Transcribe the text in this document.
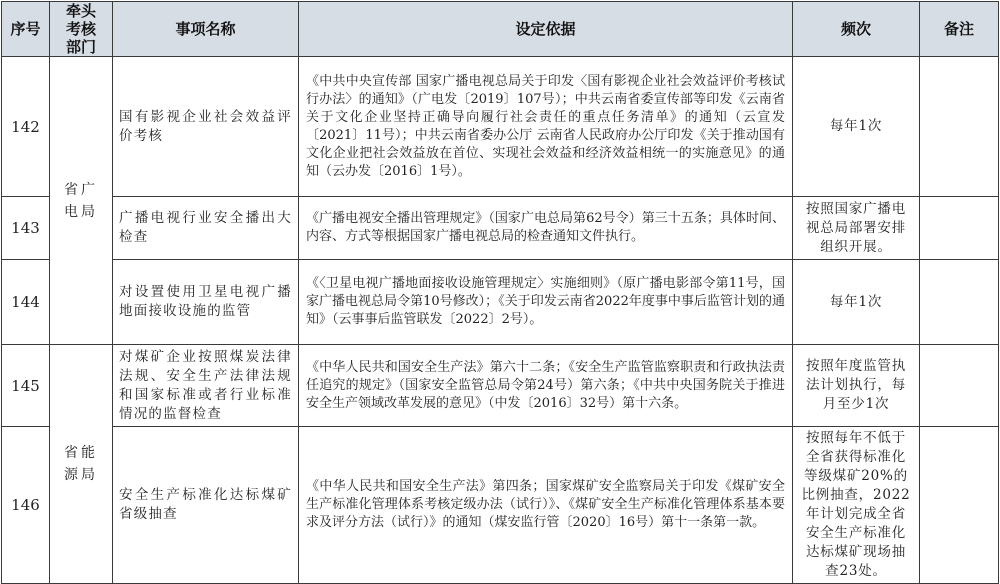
序号	牵头考核部门	事项名称	设定依据	频次	备注
142	省广电局	国有影视企业社会效益评价考核	《中共中央宣传部 国家广播电视总局关于印发〈国有影视企业社会效益评价考核试行办法〉的通知》（广电发〔2019〕107号）；中共云南省委宣传部等印发《云南省关于文化企业坚持正确导向履行社会责任的重点任务清单》的通知（云宣发〔2021〕11号）；中共云南省委办公厅 云南省人民政府办公厅印发《关于推动国有文化企业把社会效益放在首位、实现社会效益和经济效益相统一的实施意见》的通知（云办发〔2016〕1号）。	每年1次	
143		广播电视行业安全播出大检查	《广播电视安全播出管理规定》（国家广电总局第62号令）第三十五条；具体时间、内容、方式等根据国家广播电视总局的检查通知文件执行。	按照国家广播电视总局部署安排组织开展。	
144		对设置使用卫星电视广播地面接收设施的监管	《〈卫星电视广播地面接收设施管理规定〉实施细则》（原广播电影部令第11号，国家广播电视总局令第10号修改）；《关于印发云南省2022年度事中事后监管计划的通知》（云事事后监管联发〔2022〕2号）。	每年1次	
145	省能源局	对煤矿企业按照煤炭法律法规、安全生产法律法规和国家标准或者行业标准情况的监督检查	《中华人民共和国安全生产法》第六十二条；《安全生产监管监察职责和行政执法责任追究的规定》（国家安全监管总局令第24号）第六条；《中共中央国务院关于推进安全生产领域改革发展的意见》（中发〔2016〕32号）第十六条。	按照年度监管执法计划执行，每月至少1次	
146		安全生产标准化达标煤矿省级抽查	《中华人民共和国安全生产法》第四条；国家煤矿安全监察局关于印发《煤矿安全生产标准化管理体系考核定级办法（试行）》、《煤矿安全生产标准化管理体系基本要求及评分方法（试行）》的通知（煤安监行管〔2020〕16号）第十一条第一款。	按照每年不低于全省获得标准化等级煤矿20%的比例抽查，2022年计划完成全省安全生产标准化达标煤矿现场抽查23处。	
